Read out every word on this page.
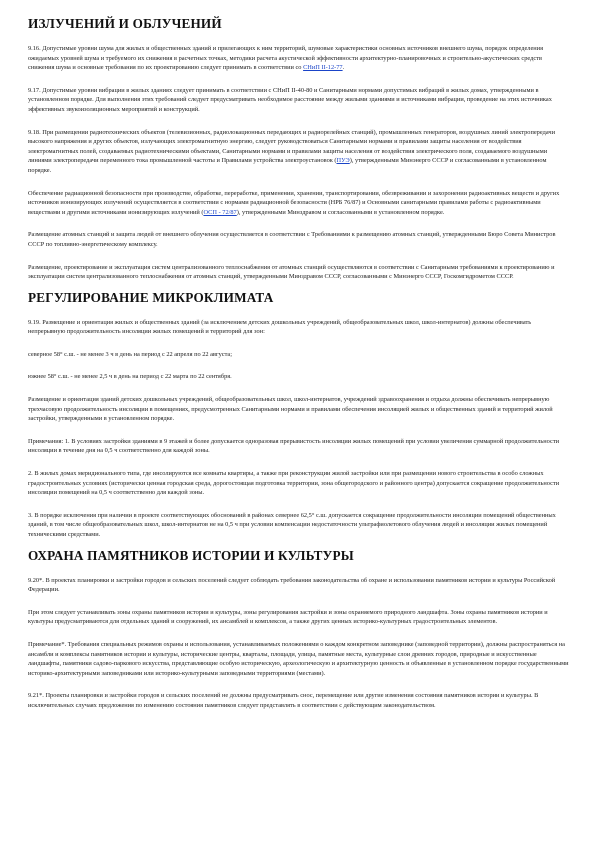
ИЗЛУЧЕНИЙ И ОБЛУЧЕНИЙ

9.16. Допустимые уровни шума для жилых и общественных зданий и прилегающих к ним территорий, шумовые характеристики основных источников внешнего шума, порядок определения ожидаемых уровней шума и требуемого их снижения в расчетных точках, методики расчета акустической эффективности архитектурно-планировочных и строительно-акустических средств снижения шума и основные требования по их проектированию следует принимать в соответствии со СНиП II-12-77.

9.17. Допустимые уровни вибрации в жилых зданиях следует принимать в соответствии с СНиП II-40-80 и Санитарными нормами допустимых вибраций в жилых домах, утвержденными в установленном порядке. Для выполнения этих требований следует предусматривать необходимое расстояние между жилыми зданиями и источниками вибрации, проведение на этих источниках эффективных звукоизоляционных мероприятий и конструкций.

9.18. При размещении радиотехнических объектов (телевизионных, радиолокационных передающих и радиорелейных станций), промышленных генераторов, воздушных линий электропередачи высокого напряжения и других объектов, излучающих электромагнитную энергию, следует руководствоваться Санитарными нормами и правилами защиты населения от воздействия электромагнитных полей, создаваемых радиотехническими объектами, Санитарными нормами и правилами защиты населения от воздействия электрического поля, создаваемого воздушными линиями электропередачи переменного тока промышленной частоты и Правилами устройства электроустановок (ПУЭ), утвержденными Минэнерго СССР и согласованными в установленном порядке.

Обеспечение радиационной безопасности при производстве, обработке, переработке, применении, хранении, транспортировании, обезвреживании и захоронении радиоактивных веществ и других источников ионизирующих излучений осуществляется в соответствии с нормами радиационной безопасности (НРБ 76/87) и Основными санитарными правилами работы с радиоактивными веществами и другими источниками ионизирующих излучений (ОСП - 72/87), утвержденными Минздравом и согласованными в установленном порядке.

Размещение атомных станций и защита людей от внешнего облучения осуществляется в соответствии с Требованиями к размещению атомных станций, утвержденными Бюро Совета Министров СССР по топливно-энергетическому комплексу.

Размещение, проектирование и эксплуатация систем централизованного теплоснабжения от атомных станций осуществляются в соответствии с Санитарными требованиями к проектированию и эксплуатации систем централизованного теплоснабжения от атомных станций, утвержденными Минздравом СССР, согласованными с Минэнерго СССР, Госкомгидрометом СССР.

РЕГУЛИРОВАНИЕ МИКРОКЛИМАТА

9.19. Размещение и ориентация жилых и общественных зданий (за исключением детских дошкольных учреждений, общеобразовательных школ, школ-интернатов) должны обеспечивать непрерывную продолжительность инсоляции жилых помещений и территорий для зон:

северное 58° с.ш. - не менее 3 ч в день на период с 22 апреля по 22 августа;

южнее 58° с.ш. - не менее 2,5 ч в день на период с 22 марта по 22 сентября.

Размещение и ориентация зданий детских дошкольных учреждений, общеобразовательных школ, школ-интернатов, учреждений здравоохранения и отдыха должны обеспечивать непрерывную трехчасовую продолжительность инсоляции в помещениях, предусмотренных Санитарными нормами и правилами обеспечения инсоляцией жилых и общественных зданий и территорий жилой застройки, утвержденными в установленном порядке.

Примечания: 1. В условиях застройки зданиями в 9 этажей и более допускается одноразовая прерывистость инсоляции жилых помещений при условии увеличения суммарной продолжительности инсоляции в течение дня на 0,5 ч соответственно для каждой зоны.

2. В жилых домах меридионального типа, где инсолируются все комнаты квартиры, а также при реконструкции жилой застройки или при размещении нового строительства в особо сложных градостроительных условиях (исторически ценная городская среда, дорогостоящая подготовка территории, зона общегородского и районного центра) допускается сокращение продолжительности инсоляции помещений на 0,5 ч соответственно для каждой зоны.

3. В порядке исключения при наличии в проекте соответствующих обоснований в районах севернее 62,5° с.ш. допускается сокращение продолжительности инсоляции помещений общественных зданий, в том числе общеобразовательных школ, школ-интернатов не на 0,5 ч при условии компенсации недостаточности ультрафиолетового облучения людей и инсоляции жилых помещений техническими средствами.

ОХРАНА ПАМЯТНИКОВ ИСТОРИИ И КУЛЬТУРЫ

9.20*. В проектах планировки и застройки городов и сельских поселений следует соблюдать требования законодательства об охране и использовании памятников истории и культуры Российской Федерации.

При этом следует устанавливать зоны охраны памятников истории и культуры, зоны регулирования застройки и зоны охраняемого природного ландшафта. Зоны охраны памятников истории и культуры предусматриваются для отдельных зданий и сооружений, их ансамблей и комплексов, а также других ценных историко-культурных градостроительных элементов.

Примечание*. Требования специальных режимов охраны и использования, устанавливаемых положениями о каждом конкретном заповеднике (заповедной территории), должны распространяться на ансамбли и комплексы памятников истории и культуры, исторические центры, кварталы, площади, улицы, памятные места, культурные слои древних городов, природные и искусственные ландшафты, памятники садово-паркового искусства, представляющие особую историческую, археологическую и архитектурную ценность и объявленные в установленном порядке государственными историко-архитектурными заповедниками или историко-культурными заповедными территориями (местами).

9.21*. Проекты планировки и застройки городов и сельских поселений не должны предусматривать снос, перемещение или другие изменения состояния памятников истории и культуры. В исключительных случаях предложения по изменению состояния памятников следует представлять в соответствии с действующим законодательством.
